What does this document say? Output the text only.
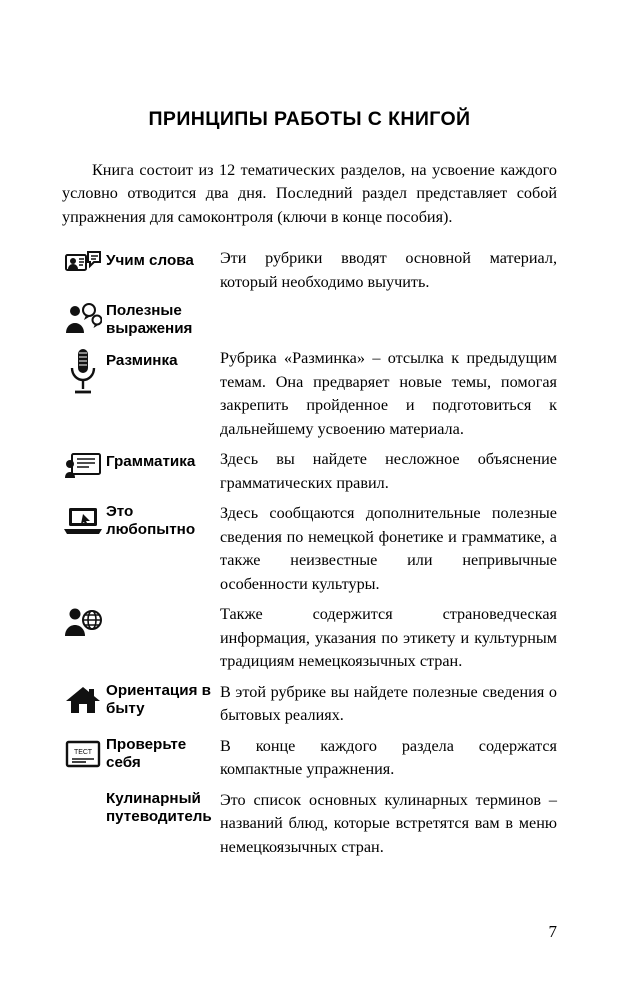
ПРИНЦИПЫ РАБОТЫ С КНИГОЙ

Книга состоит из 12 тематических разделов, на усвоение каждого условно отводится два дня. Последний раздел представляет собой упражнения для самоконтроля (ключи в конце пособия).

Учим слова Эти рубрики вводят основной материал, который необходимо выучить.
Полезные выражения
Разминка	Рубрика «Разминка» – отсылка к предыдущим темам. Она предваряет новые темы, помогая закрепить пройденное и подготовиться к дальнейшему усвоению материала.
Грамматика Здесь вы найдете несложное объяснение грамматических правил.
Это любопытно
Здесь сообщаются дополнительные полезные сведения по немецкой фонетике и грамматике, а также неизвестные или непривычные особенности культуры.
Также содержится страноведческая информация, указания по этикету и культурным традициям немецкоязычных стран.
Ориентация в быту
В этой рубрике вы найдете полезные сведения о бытовых реалиях.
ТЕСТ Проверьте себя
В конце каждого раздела содержатся компактные упражнения.
Кулинарный путеводитель
Это список основных кулинарных терминов – названий блюд, которые встретятся вам в меню немецкоязычных стран.
7
